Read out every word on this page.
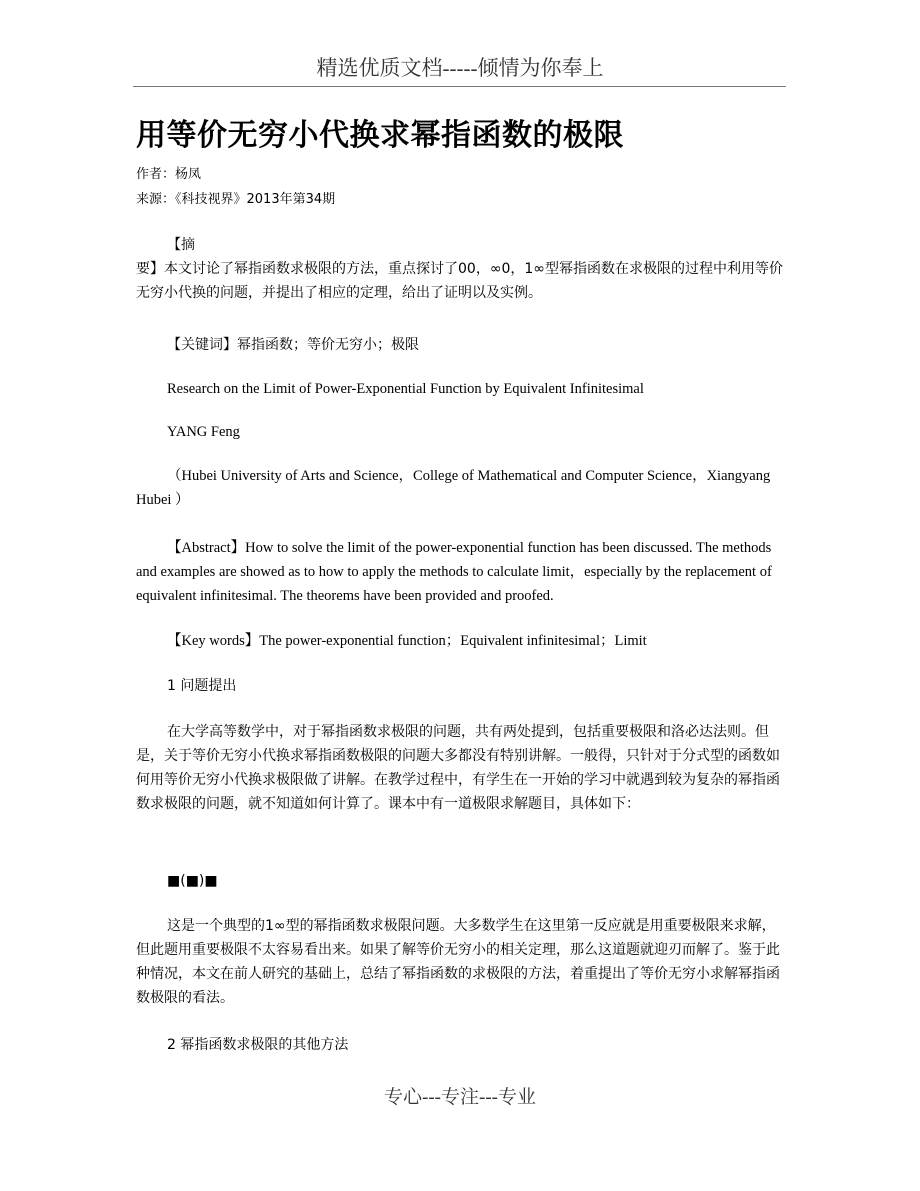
精选优质文档-----倾情为你奉上
用等价无穷小代换求幂指函数的极限
作者：杨凤
来源：《科技视界》2013年第34期
【摘
要】本文讨论了幂指函数求极限的方法，重点探讨了00，∞0，1∞型幂指函数在求极限的过程中利用等价无穷小代换的问题，并提出了相应的定理，给出了证明以及实例。
【关键词】幂指函数；等价无穷小；极限
Research on the Limit of Power-Exponential Function by Equivalent Infinitesimal
YANG Feng
（Hubei University of Arts and Science，College of Mathematical and Computer Science，Xiangyang Hubei ）
【Abstract】How to solve the limit of the power-exponential function has been discussed. The methods and examples are showed as to how to apply the methods to calculate limit，especially by the replacement of equivalent infinitesimal. The theorems have been provided and proofed.
【Key words】The power-exponential function；Equivalent infinitesimal；Limit
1 问题提出
在大学高等数学中，对于幂指函数求极限的问题，共有两处提到，包括重要极限和洛必达法则。但是，关于等价无穷小代换求幂指函数极限的问题大多都没有特别讲解。一般得，只针对于分式型的函数如何用等价无穷小代换求极限做了讲解。在教学过程中，有学生在一开始的学习中就遇到较为复杂的幂指函数求极限的问题，就不知道如何计算了。课本中有一道极限求解题目，具体如下：
■(■)■
这是一个典型的1∞型的幂指函数求极限问题。大多数学生在这里第一反应就是用重要极限来求解，但此题用重要极限不太容易看出来。如果了解等价无穷小的相关定理，那么这道题就迎刃而解了。鉴于此种情况，本文在前人研究的基础上，总结了幂指函数的求极限的方法，着重提出了等价无穷小求解幂指函数极限的看法。
2 幂指函数求极限的其他方法
专心---专注---专业
